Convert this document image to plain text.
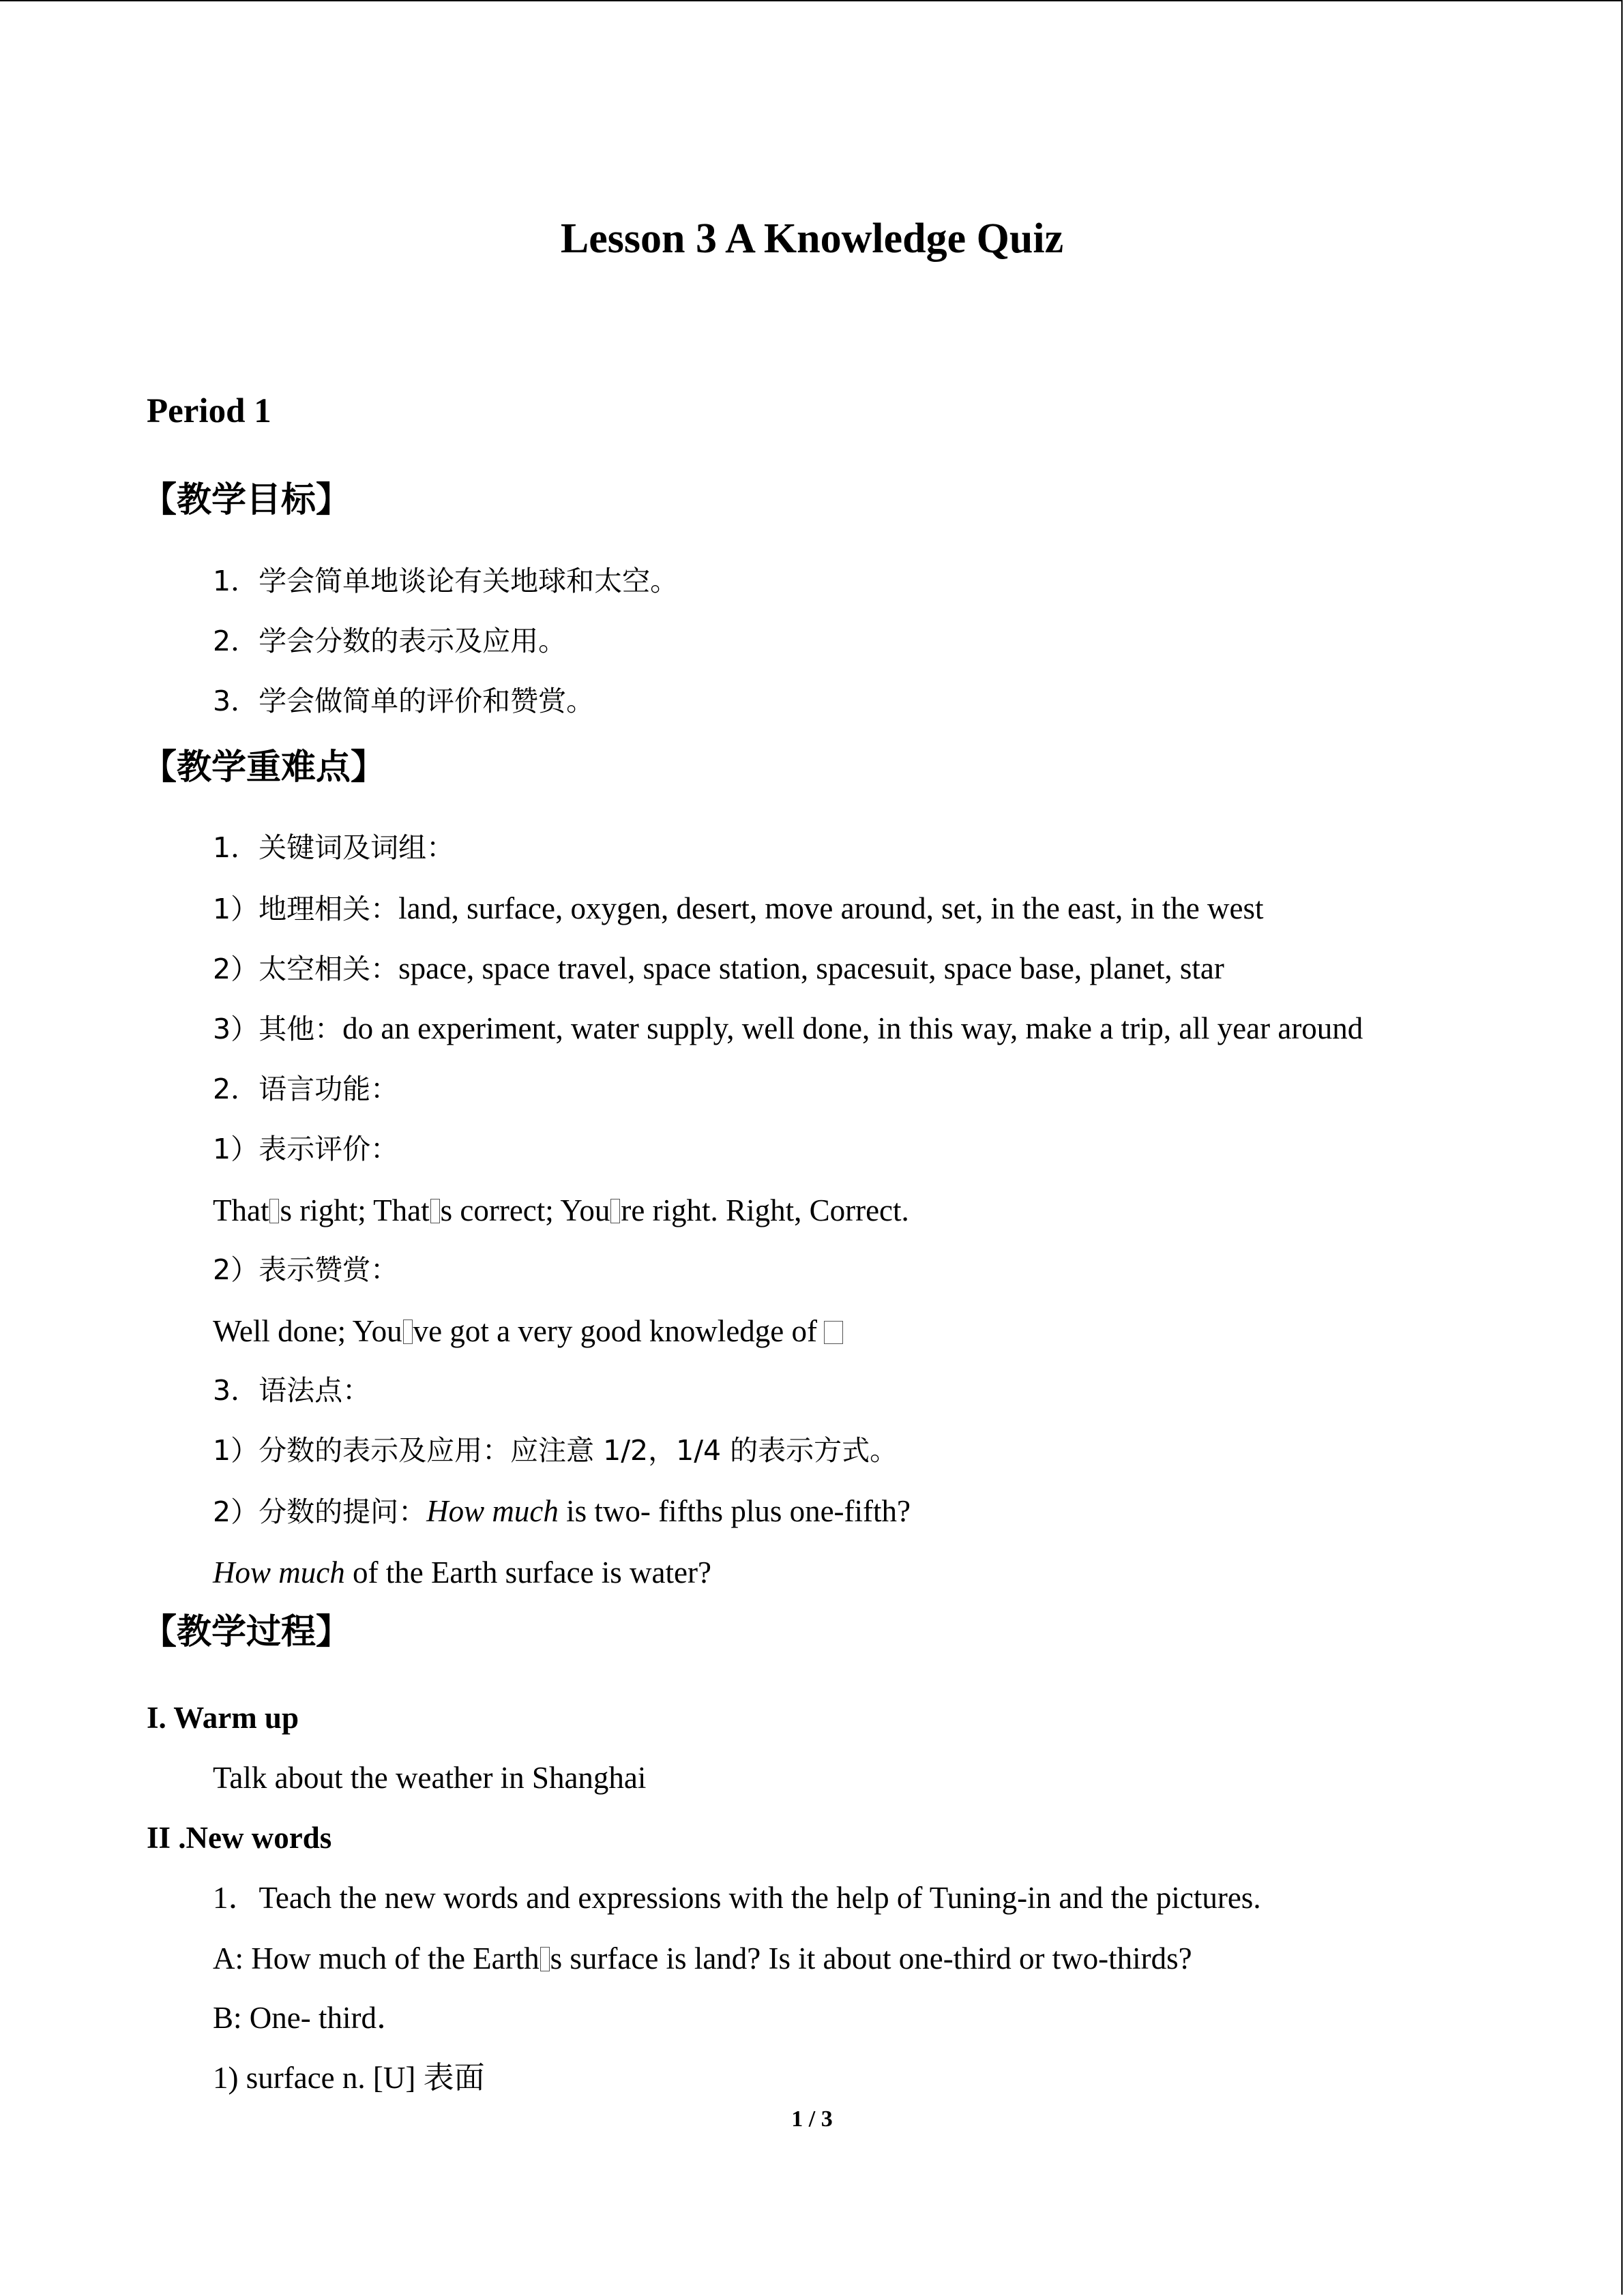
Lesson 3 A Knowledge Quiz
Period 1
【教学目标】
1．学会简单地谈论有关地球和太空。
2．学会分数的表示及应用。
3．学会做简单的评价和赞赏。
【教学重难点】
1．关键词及词组：
1）地理相关：land, surface, oxygen, desert, move around, set, in the east, in the west
2）太空相关：space, space travel, space station, spacesuit, space base, planet, star
3）其他：do an experiment, water supply, well done, in this way, make a trip, all year around
2．语言功能：
1）表示评价：
That s right; That s correct; You re right. Right, Correct.
2）表示赞赏：
Well done; You ve got a very good knowledge of
3．语法点：
1）分数的表示及应用：应注意 1/2，1/4 的表示方式。
2）分数的提问：How much is two- fifths plus one-fifth?
How much of the Earth surface is water?
【教学过程】
I. Warm up
Talk about the weather in Shanghai
II .New words
1．Teach the new words and expressions with the help of Tuning-in and the pictures.
A: How much of the Earth s surface is land? Is it about one-third or two-thirds?
B: One- third．
1) surface n. [U] 表面
1 / 3
